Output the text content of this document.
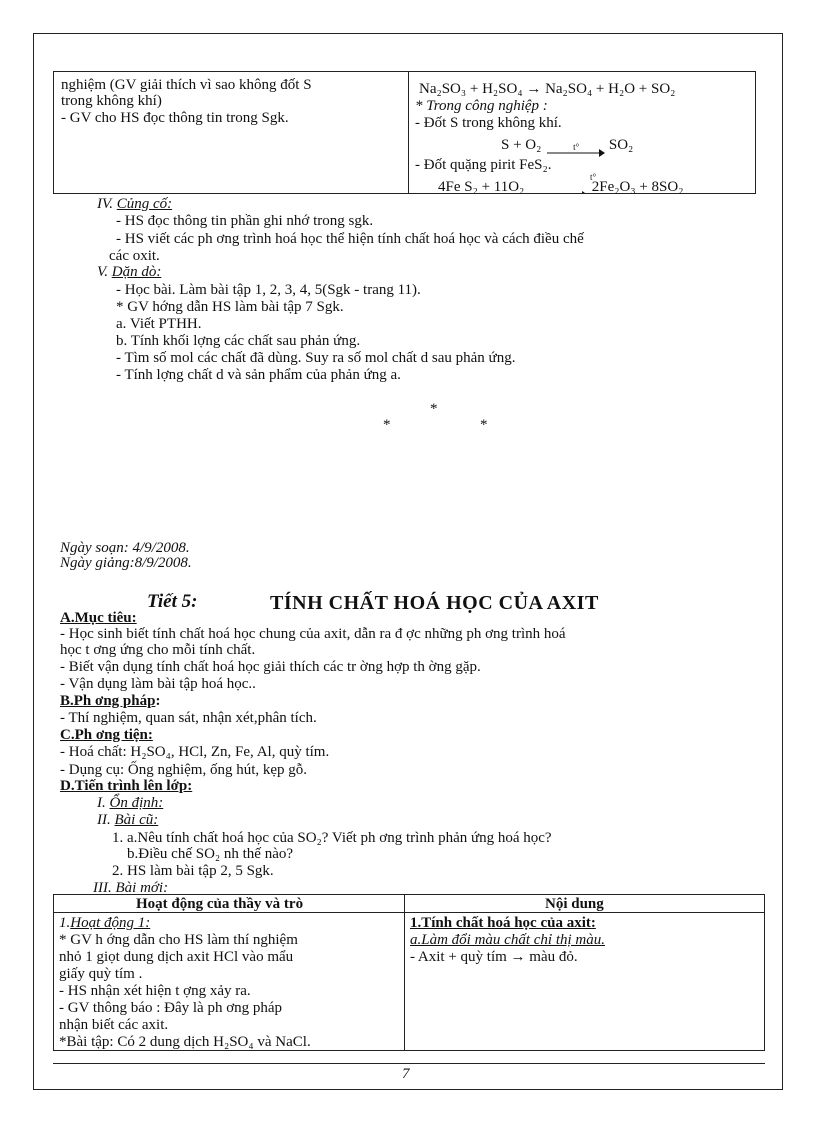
nghiệm (GV giải thích vì sao không đốt S
trong không khí)
- GV cho HS đọc thông tin trong Sgk.
Na₂SO₃ + H₂SO₄ → Na₂SO₄ + H₂O + SO₂
* Trong công nghiệp :
- Đốt S trong không khí.
S + O₂	t° SO₂
- Đốt quặng pirit FeS₂.
4Fe S₂ + 11O₂	2Fe₂O₃ + 8SO₂
t°
IV. Củng cố:
- HS đọc thông tin phần ghi nhớ trong sgk.
- HS viết các ph ơng trình hoá học thể hiện tính chất hoá học và cách điều chế
các oxit.
V. Dặn dò:
- Học bài. Làm bài tập 1, 2, 3, 4, 5(Sgk - trang 11).
* GV hớng dẫn HS làm bài tập 7 Sgk.
a. Viết PTHH.
b. Tính khối lợng các chất sau phản ứng.
- Tìm số mol các chất đã dùng. Suy ra số mol chất d sau phản ứng.
- Tính lợng chất d và sản phẩm của phản ứng a.
*
*	*
Ngày soạn: 4/9/2008.
Ngày giảng:8/9/2008.
Tiết 5:	TÍNH CHẤT HOÁ HỌC CỦA AXIT
A.Mục tiêu:
- Học sinh biết tính chất hoá học chung của axit, dẫn ra đ ợc những ph ơng trình hoá
học t ơng ứng cho mỗi tính chất.
- Biết vận dụng tính chất hoá học giải thích các tr ờng hợp th ờng gặp.
- Vận dụng làm bài tập hoá học..
B.Ph ơng pháp:
- Thí nghiệm, quan sát, nhận xét,phân tích.
C.Ph ơng tiện:
- Hoá chất: H₂SO₄, HCl, Zn, Fe, Al, quỳ tím.
- Dụng cụ: Ống nghiệm, ống hút, kẹp gỗ.
D.Tiến trình lên lớp:
I. Ổn định:
II. Bài cũ:
1. a.Nêu tính chất hoá học của SO₂? Viết ph ơng trình phản ứng hoá học?
b.Điều chế SO₂ nh thế nào?
2. HS làm bài tập 2, 5 Sgk.
III. Bài mới:
Hoạt động của thầy và trò	Nội dung
1.Hoạt động 1:
* GV h ớng dẫn cho HS làm thí nghiệm
nhỏ 1 giọt dung dịch axit HCl vào mẩu
giấy quỳ tím .
- HS nhận xét hiện t ợng xảy ra.
- GV thông báo : Đây là ph ơng pháp
nhận biết các axit.
*Bài tập: Có 2 dung dịch H₂SO₄ và NaCl.
1.Tính chất hoá học của axit:
a.Làm đổi màu chất chỉ thị màu.
- Axit + quỳ tím → màu đỏ.
7
